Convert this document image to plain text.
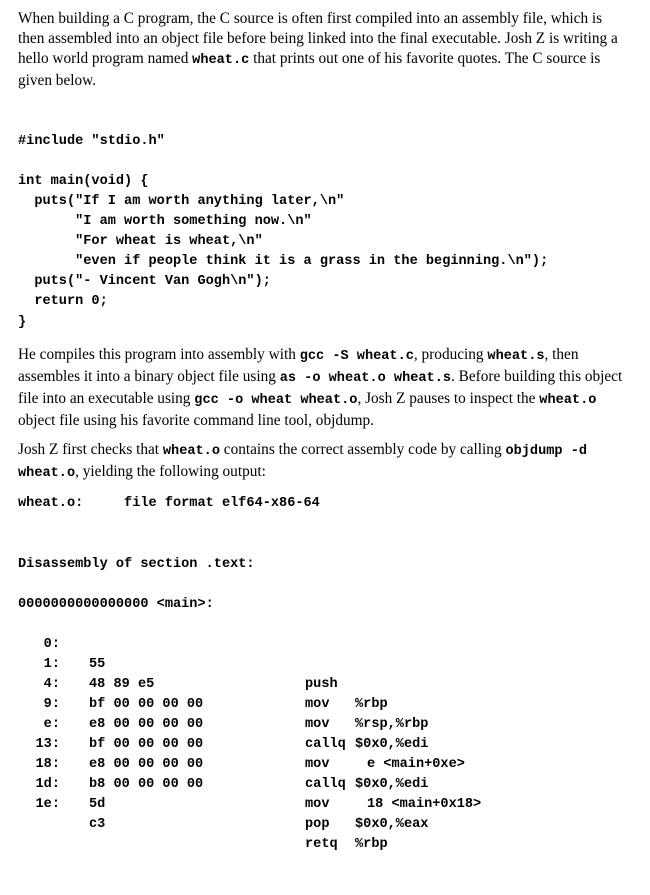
When building a C program, the C source is often first compiled into an assembly file, which is then assembled into an object file before being linked into the final executable. Josh Z is writing a hello world program named wheat.c that prints out one of his favorite quotes. The C source is given below.

#include "stdio.h"
int main(void) {
puts("If I am worth anything later,\n"
"I am worth something now.\n"
"For wheat is wheat,\n"
"even if people think it is a grass in the beginning.\n");
puts("- Vincent Van Gogh\n");
return 0;
}

He compiles this program into assembly with gcc -S wheat.c, producing wheat.s, then assembles it into a binary object file using as -o wheat.o wheat.s. Before building this object file into an executable using gcc -o wheat wheat.o, Josh Z pauses to inspect the wheat.o object file using his favorite command line tool, objdump.

Josh Z first checks that wheat.o contains the correct assembly code by calling objdump -d wheat.o, yielding the following output:

wheat.o:     file format elf64-x86-64
Disassembly of section .text:
0000000000000000 <main>:

0:

55

push

%rbp

1:

48 89 e5

mov

%rsp,%rbp

4:

bf 00 00 00 00

mov

$0x0,%edi

9:

e8 00 00 00 00

callq

e <main+0xe>

e:

bf 00 00 00 00

mov

$0x0,%edi

13:

e8 00 00 00 00

callq

18 <main+0x18>

18:

b8 00 00 00 00

mov

$0x0,%eax

1d:

5d

pop

%rbp

1e:

c3

retq
